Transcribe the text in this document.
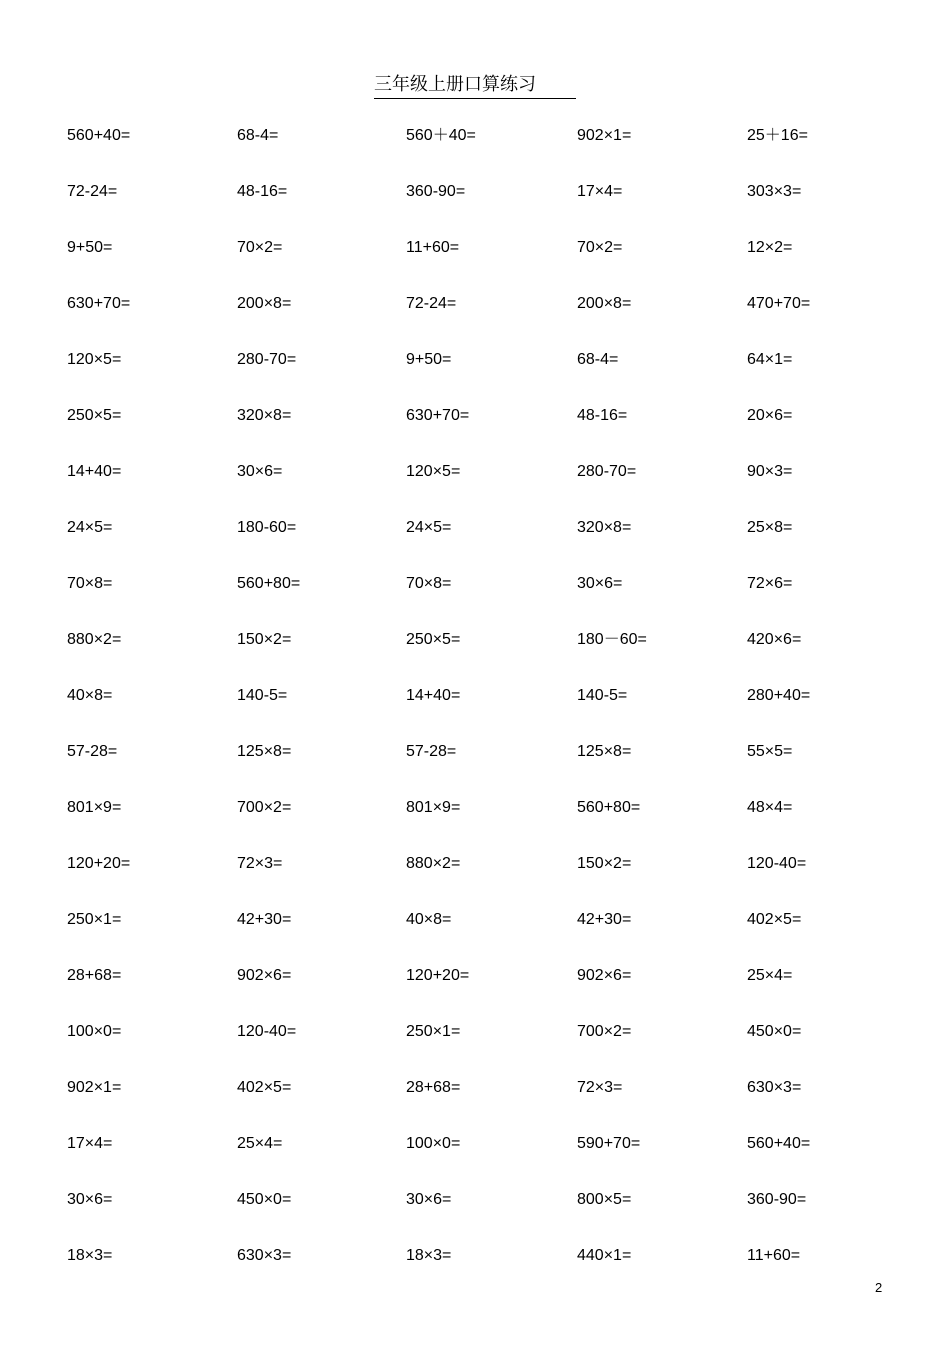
三年级上册口算练习
560+40=	68-4=	560＋40=	902×1=	25＋16=
72-24=	48-16=	360-90=	17×4=	303×3=
9+50=	70×2=	11+60=	70×2=	12×2=
630+70=	200×8=	72-24=	200×8=	470+70=
120×5=	280-70=	9+50=	68-4=	64×1=
250×5=	320×8=	630+70=	48-16=	20×6=
14+40=	30×6=	120×5=	280-70=	90×3=
24×5=	180-60=	24×5=	320×8=	25×8=
70×8=	560+80=	70×8=	30×6=	72×6=
880×2=	150×2=	250×5=	180－60=	420×6=
40×8=	140-5=	14+40=	140-5=	280+40=
57-28=	125×8=	57-28=	125×8=	55×5=
801×9=	700×2=	801×9=	560+80=	48×4=
120+20=	72×3=	880×2=	150×2=	120-40=
250×1=	42+30=	40×8=	42+30=	402×5=
28+68=	902×6=	120+20=	902×6=	25×4=
100×0=	120-40=	250×1=	700×2=	450×0=
902×1=	402×5=	28+68=	72×3=	630×3=
17×4=	25×4=	100×0=	590+70=	560+40=
30×6=	450×0=	30×6=	800×5=	360-90=
18×3=	630×3=	18×3=	440×1=	11+60=
2
